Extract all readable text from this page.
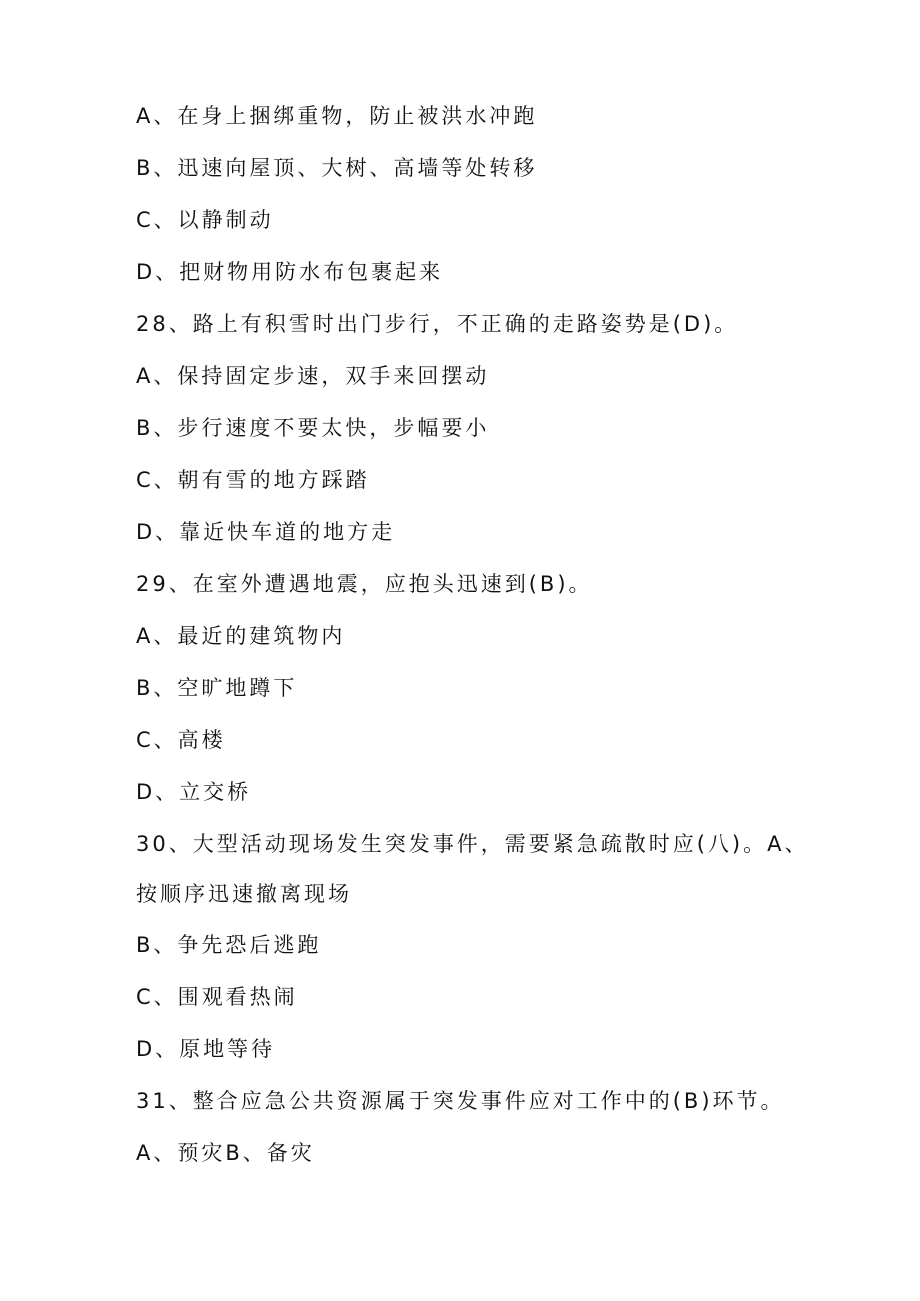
A、在身上捆绑重物，防止被洪水冲跑
B、迅速向屋顶、大树、高墙等处转移
C、以静制动
D、把财物用防水布包裹起来
28、路上有积雪时出门步行，不正确的走路姿势是(D)。
A、保持固定步速，双手来回摆动
B、步行速度不要太快，步幅要小
C、朝有雪的地方踩踏
D、靠近快车道的地方走
29、在室外遭遇地震，应抱头迅速到(B)。
A、最近的建筑物内
B、空旷地蹲下
C、高楼
D、立交桥
30、大型活动现场发生突发事件，需要紧急疏散时应(八)。A、
按顺序迅速撤离现场
B、争先恐后逃跑
C、围观看热闹
D、原地等待
31、整合应急公共资源属于突发事件应对工作中的(B)环节。
A、预灾B、备灾
